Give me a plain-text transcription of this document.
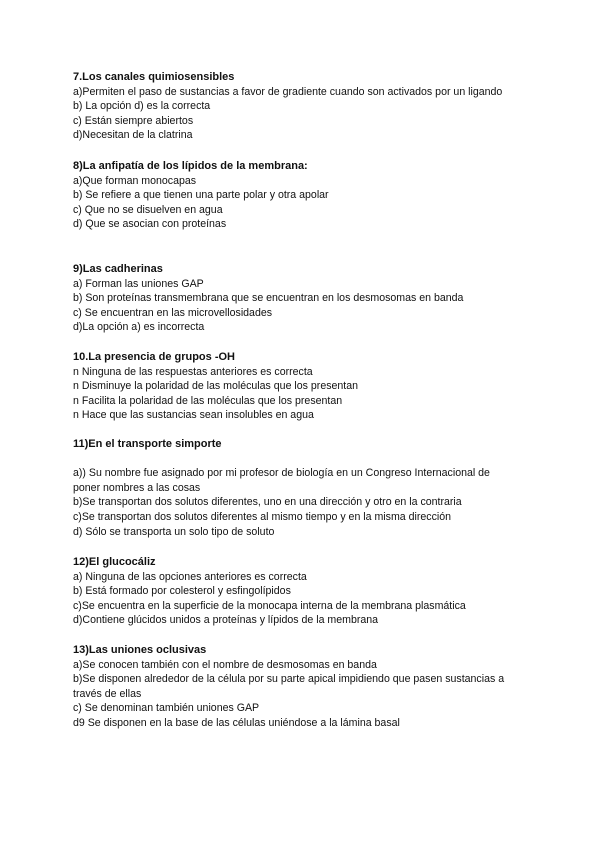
7.Los canales quimiosensibles
a)Permiten el paso de sustancias a favor de gradiente cuando son activados por un ligando
b) La opción d) es la correcta
c) Están siempre abiertos
d)Necesitan de la clatrina
8)La anfipatía de los lípidos de la membrana:
a)Que forman monocapas
b) Se refiere a que tienen una parte polar y otra apolar
c) Que no se disuelven en agua
d) Que se asocian con proteínas
9)Las cadherinas
a) Forman las uniones GAP
b) Son proteínas transmembrana que se encuentran en los desmosomas en banda
c) Se encuentran en las microvellosidades
d)La opción a) es incorrecta
10.La presencia de grupos -OH
n Ninguna de las respuestas anteriores es correcta
n Disminuye la polaridad de las moléculas que los presentan
n Facilita la polaridad de las moléculas que los presentan
n Hace que las sustancias sean insolubles en agua
11)En el transporte simporte
a)) Su nombre fue asignado por mi profesor de biología en un Congreso Internacional de
poner nombres a las cosas
b)Se transportan dos solutos diferentes, uno en una dirección y otro en la contraria
c)Se transportan dos solutos diferentes al mismo tiempo y en la misma dirección
d) Sólo se transporta un solo tipo de soluto
12)El glucocáliz
a) Ninguna de las opciones anteriores es correcta
b) Está formado por colesterol y esfingolípidos
c)Se encuentra en la superficie de la monocapa interna de la membrana plasmática
d)Contiene glúcidos unidos a proteínas y lípidos de la membrana
13)Las uniones oclusivas
a)Se conocen también con el nombre de desmosomas en banda
b)Se disponen alrededor de la célula por su parte apical impidiendo que pasen sustancias a
través de ellas
c) Se denominan también uniones GAP
d9 Se disponen en la base de las células uniéndose a la lámina basal
